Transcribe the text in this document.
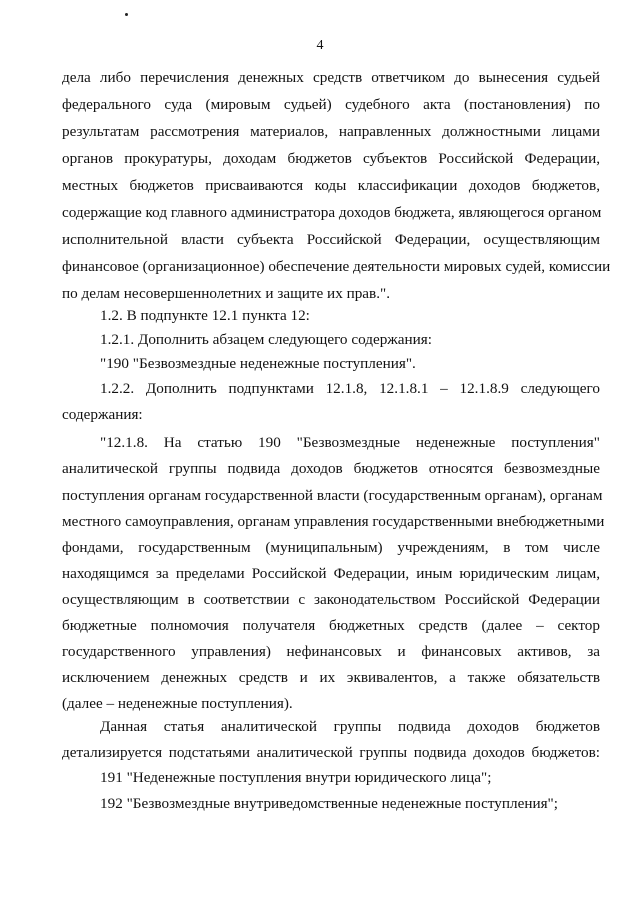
4
дела либо перечисления денежных средств ответчиком до вынесения судьей
федерального суда (мировым судьей) судебного акта (постановления) по
результатам рассмотрения материалов, направленных должностными лицами
органов прокуратуры, доходам бюджетов субъектов Российской Федерации,
местных бюджетов присваиваются коды классификации доходов бюджетов,
содержащие код главного администратора доходов бюджета, являющегося органом
исполнительной власти субъекта Российской Федерации, осуществляющим
финансовое (организационное) обеспечение деятельности мировых судей, комиссии
по делам несовершеннолетних и защите их прав.".
1.2. В подпункте 12.1 пункта 12:
1.2.1. Дополнить абзацем следующего содержания:
"190 "Безвозмездные неденежные поступления".
1.2.2. Дополнить подпунктами 12.1.8, 12.1.8.1 – 12.1.8.9 следующего
содержания:
"12.1.8. На статью 190 "Безвозмездные неденежные поступления"
аналитической группы подвида доходов бюджетов относятся безвозмездные
поступления органам государственной власти (государственным органам), органам
местного самоуправления, органам управления государственными внебюджетными
фондами, государственным (муниципальным) учреждениям, в том числе
находящимся за пределами Российской Федерации, иным юридическим лицам,
осуществляющим в соответствии с законодательством Российской Федерации
бюджетные полномочия получателя бюджетных средств (далее – сектор
государственного управления) нефинансовых и финансовых активов, за
исключением денежных средств и их эквивалентов, а также обязательств
(далее – неденежные поступления).
Данная статья аналитической группы подвида доходов бюджетов
детализируется подстатьями аналитической группы подвида доходов бюджетов:
191 "Неденежные поступления внутри юридического лица";
192 "Безвозмездные внутриведомственные неденежные поступления";
